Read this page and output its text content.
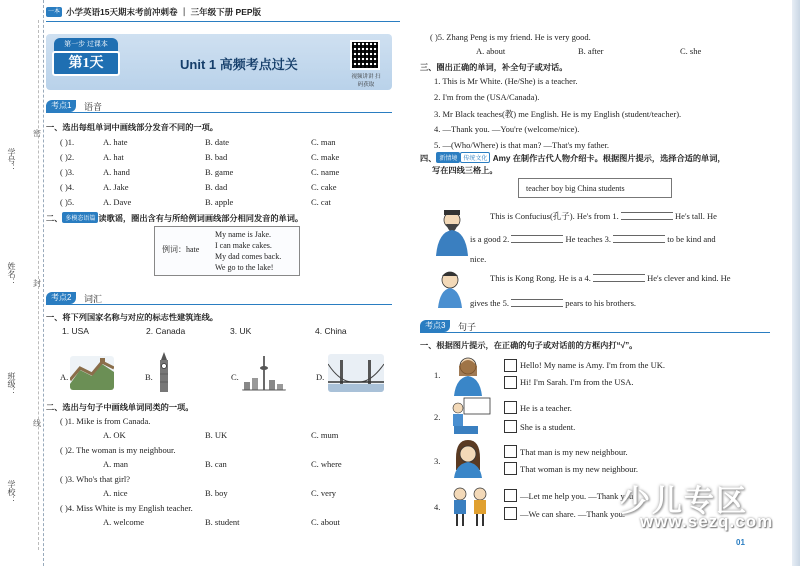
学号：
姓名：
班级：
学校：
密
封
线
一本 小学英语15天期末考前冲刺卷 ｜ 三年级下册 PEP版
第一步 过课本
第1天	Unit 1 高频考点过关
视频讲讲 扫码获取
考点1	语音
一、选出每组单词中画线部分发音不同的一项。
( )1.	A. hate	B. date	C. man
( )2.	A. hat	B. bad	C. make
( )3.	A. hand	B. game	C. name
( )4.	A. Jake	B. dad	C. cake
( )5.	A. Dave	B. apple	C. cat
二、 多模态语篇 读歌谣，圈出含有与所给例词画线部分相同发音的单词。
例词：hate
My name is Jake.
I can make cakes.
My dad comes back.
We go to the lake!
考点2	词汇
一、将下列国家名称与对应的标志性建筑连线。
1. USA	2. Canada	3. UK	4. China
A.	B.	C.	D.
二、选出与句子中画线单词同类的一项。
( )1. Mike is from Canada.
A. OK	B. UK	C. mum
( )2. The woman is my neighbour.
A. man	B. can	C. where
( )3. Who's that girl?
A. nice	B. boy	C. very
( )4. Miss White is my English teacher.
A. welcome	B. student	C. about
( )5. Zhang Peng is my friend. He is very good.
A. about	B. after	C. she
三、圈出正确的单词，补全句子或对话。
1. This is Mr White. (He/She) is a teacher.
2. I'm from the (USA/Canada).
3. Mr Black teaches(教) me English. He is my English (student/teacher).
4. —Thank you. —You're (welcome/nice).
5. —(Who/Where) is that man? —That's my father.
四、 新情境 传统文化 Amy 在制作古代人物介绍卡。根据图片提示，选择合适的单词，
写在四线三格上。
teacher boy big China students
This is Confucius(孔子). He's from 1.	He's tall. He
is a good 2.	He teaches 3.	to be kind and
nice.
This is Kong Rong. He is a 4.	He's clever and kind. He
gives the 5.	pears to his brothers.
考点3	句子
一、根据图片提示，在正确的句子或对话前的方框内打“√”。
1.
Hello! My name is Amy. I'm from the UK.
Hi! I'm Sarah. I'm from the USA.
2.
He is a teacher.
She is a student.
3.
That man is my new neighbour.
That woman is my new neighbour.
4.
—Let me help you. —Thank you.
—We can share. —Thank you.
少儿专区
www.sezq.com
01
